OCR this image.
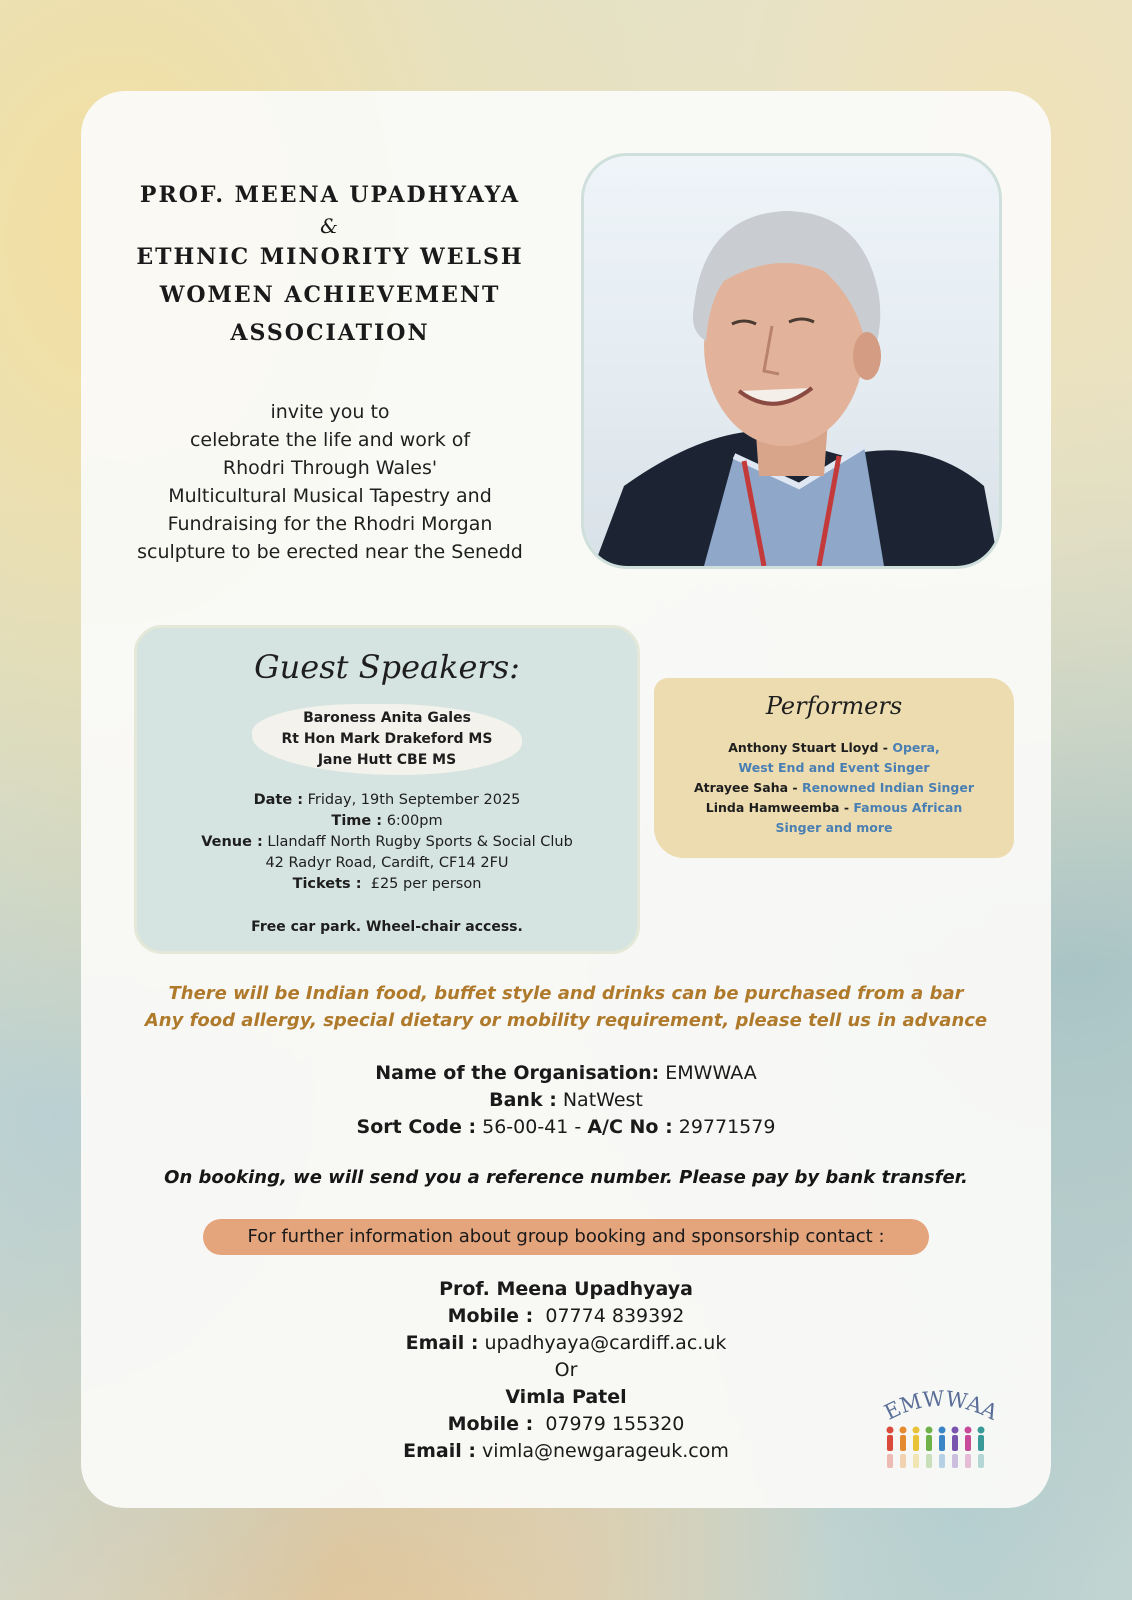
PROF. MEENA UPADHYAYA
&
ETHNIC MINORITY WELSH
WOMEN ACHIEVEMENT
ASSOCIATION
invite you to
celebrate the life and work of
Rhodri Through Wales'
Multicultural Musical Tapestry and
Fundraising for the Rhodri Morgan
sculpture to be erected near the Senedd
Guest Speakers:
Baroness Anita Gales
Rt Hon Mark Drakeford MS
Jane Hutt CBE MS
Date : Friday, 19th September 2025
Time : 6:00pm
Venue : Llandaff North Rugby Sports & Social Club
42 Radyr Road, Cardift, CF14 2FU
Tickets : £25 per person
Free car park. Wheel-chair access.
Performers
Anthony Stuart Lloyd - Opera,
West End and Event Singer
Atrayee Saha - Renowned Indian Singer
Linda Hamweemba - Famous African
Singer and more
There will be Indian food, buffet style and drinks can be purchased from a bar
Any food allergy, special dietary or mobility requirement, please tell us in advance
Name of the Organisation: EMWWAA
Bank : NatWest
Sort Code : 56-00-41 - A/C No : 29771579
On booking, we will send you a reference number. Please pay by bank transfer.
For further information about group booking and sponsorship contact :
Prof. Meena Upadhyaya
Mobile : 07774 839392
Email : upadhyaya@cardiff.ac.uk
Or
Vimla Patel
Mobile : 07979 155320
Email : vimla@newgarageuk.com
EMWWAA
